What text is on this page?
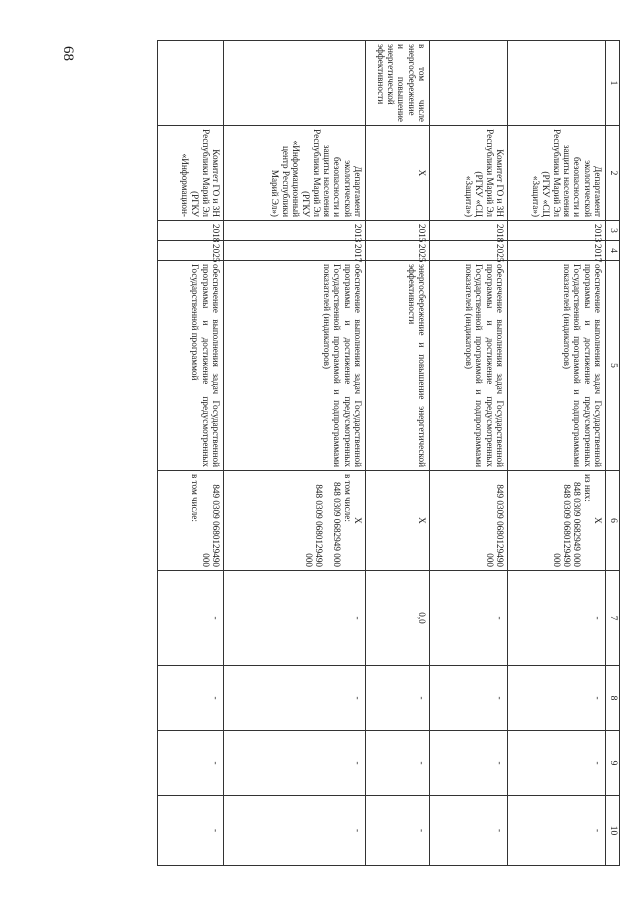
68
1	2	3	4	5	6	7	8	9	10
	Департамент экологической безопасности и защиты населения Республики Марий Эл (РГКУ «СЦ «Защита»)	2013	2017	обеспечение выполнения задач Государственной программы и достижение предусмотренных Государственной программой и подпрограммами показателей (индикаторов)	X
из них:
848 0309 0682949 000
848 0309 0680129490 000	-	-	-	-
	Комитет ГО и ЗН Республики Марий Эл (РГКУ «СЦ «Защита»)	2018	2025	обеспечение выполнения задач Государственной программы и достижение предусмотренных Государственной программой и подпрограммами показателей (индикаторов)	849 0309 0680129490 000	-	-	-	-
в том числе энергосбережение и повышение энергетической эффективности	X	2015	2025	энергосбережение и повышение энергетической эффективности	X	0,0	-	-	-
	Департамент экологической безопасности и защиты населения Республики Марий Эл (РГКУ «Информационный центр Республики Марий Эл»)	2013	2017	обеспечение выполнения задач Государственной программы и достижение предусмотренных Государственной программой и подпрограммами показателей (индикаторов)	X
в том числе:
848 0309 0682949 000
848 0309 0680129490 000	-	-	-	-
	Комитет ГО и ЗН Республики Марий Эл (РГКУ «Информацион-	2018	2025	обеспечение выполнения задач Государственной программы и достижение предусмотренных Государственной программой	849 0309 0680129490 000
в том числе:	-	-	-	-
